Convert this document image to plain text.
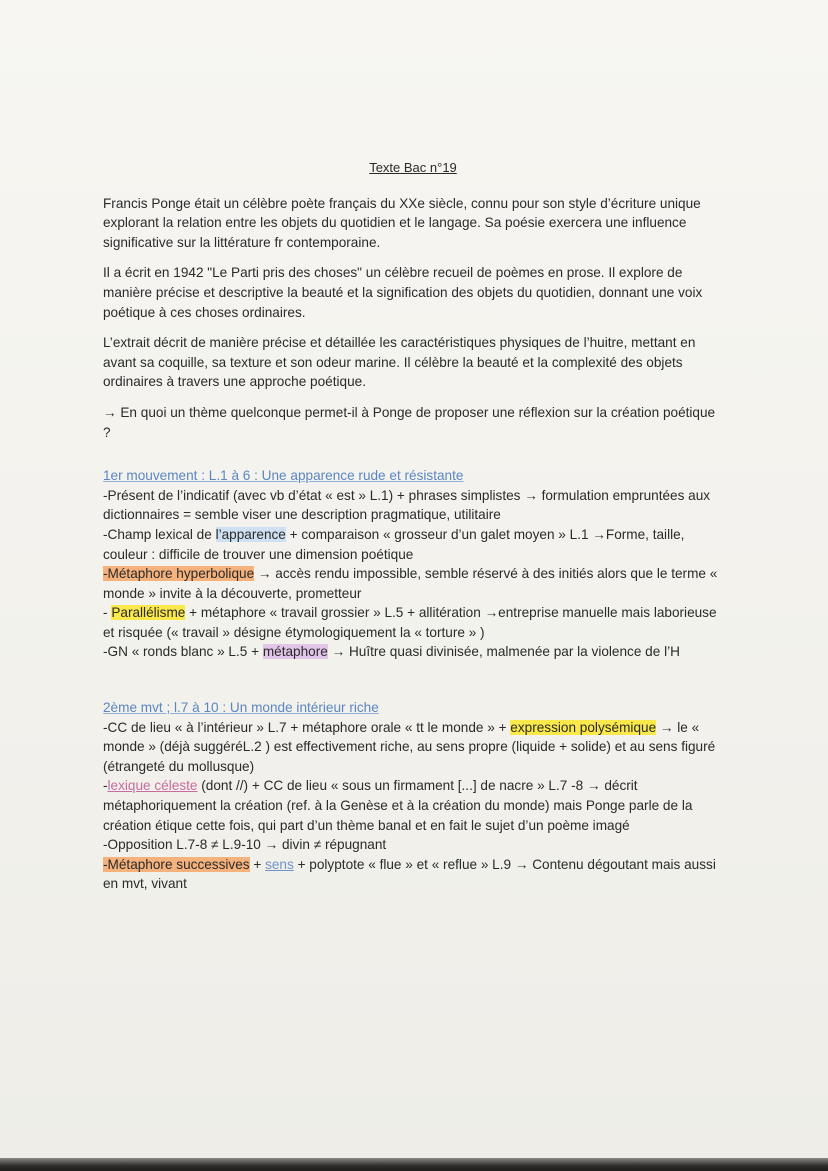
Texte Bac n°19

Francis Ponge était un célèbre poète français du XXe siècle, connu pour son style d’écriture unique explorant la relation entre les objets du quotidien et le langage. Sa poésie exercera une influence significative sur la littérature fr contemporaine.

Il a écrit en 1942 "Le Parti pris des choses" un célèbre recueil de poèmes en prose. Il explore de manière précise et descriptive la beauté et la signification des objets du quotidien, donnant une voix poétique à ces choses ordinaires.

L’extrait décrit de manière précise et détaillée les caractéristiques physiques de l’huitre, mettant en avant sa coquille, sa texture et son odeur marine. Il célèbre la beauté et la complexité des objets ordinaires à travers une approche poétique.

→ En quoi un thème quelconque permet-il à Ponge de proposer une réflexion sur la création poétique ?

1er mouvement : L.1 à 6 : Une apparence rude et résistante
-Présent de l’indicatif (avec vb d’état « est » L.1) + phrases simplistes → formulation empruntées aux dictionnaires = semble viser une description pragmatique, utilitaire
-Champ lexical de l’apparence + comparaison « grosseur d’un galet moyen » L.1 →Forme, taille, couleur : difficile de trouver une dimension poétique
-Métaphore hyperbolique → accès rendu impossible, semble réservé à des initiés alors que le terme « monde » invite à la découverte, prometteur
- Parallélisme + métaphore « travail grossier » L.5 + allitération →entreprise manuelle mais laborieuse et risquée (« travail » désigne étymologiquement la « torture » )
-GN « ronds blanc » L.5 + métaphore → Huître quasi divinisée, malmenée par la violence de l’H
2ème mvt ; l.7 à 10 : Un monde intérieur riche
-CC de lieu « à l’intérieur » L.7 + métaphore orale « tt le monde » + expression polysémique → le « monde » (déjà suggéréL.2 ) est effectivement riche, au sens propre (liquide + solide) et au sens figuré (étrangeté du mollusque)
-lexique céleste (dont //) + CC de lieu « sous un firmament [...] de nacre » L.7 -8 → décrit métaphoriquement la création (ref. à la Genèse et à la création du monde) mais Ponge parle de la création étique cette fois, qui part d’un thème banal et en fait le sujet d’un poème imagé
-Opposition L.7-8 ≠ L.9-10 → divin ≠ répugnant
-Métaphore successives + sens + polyptote « flue » et « reflue » L.9 → Contenu dégoutant mais aussi en mvt, vivant
